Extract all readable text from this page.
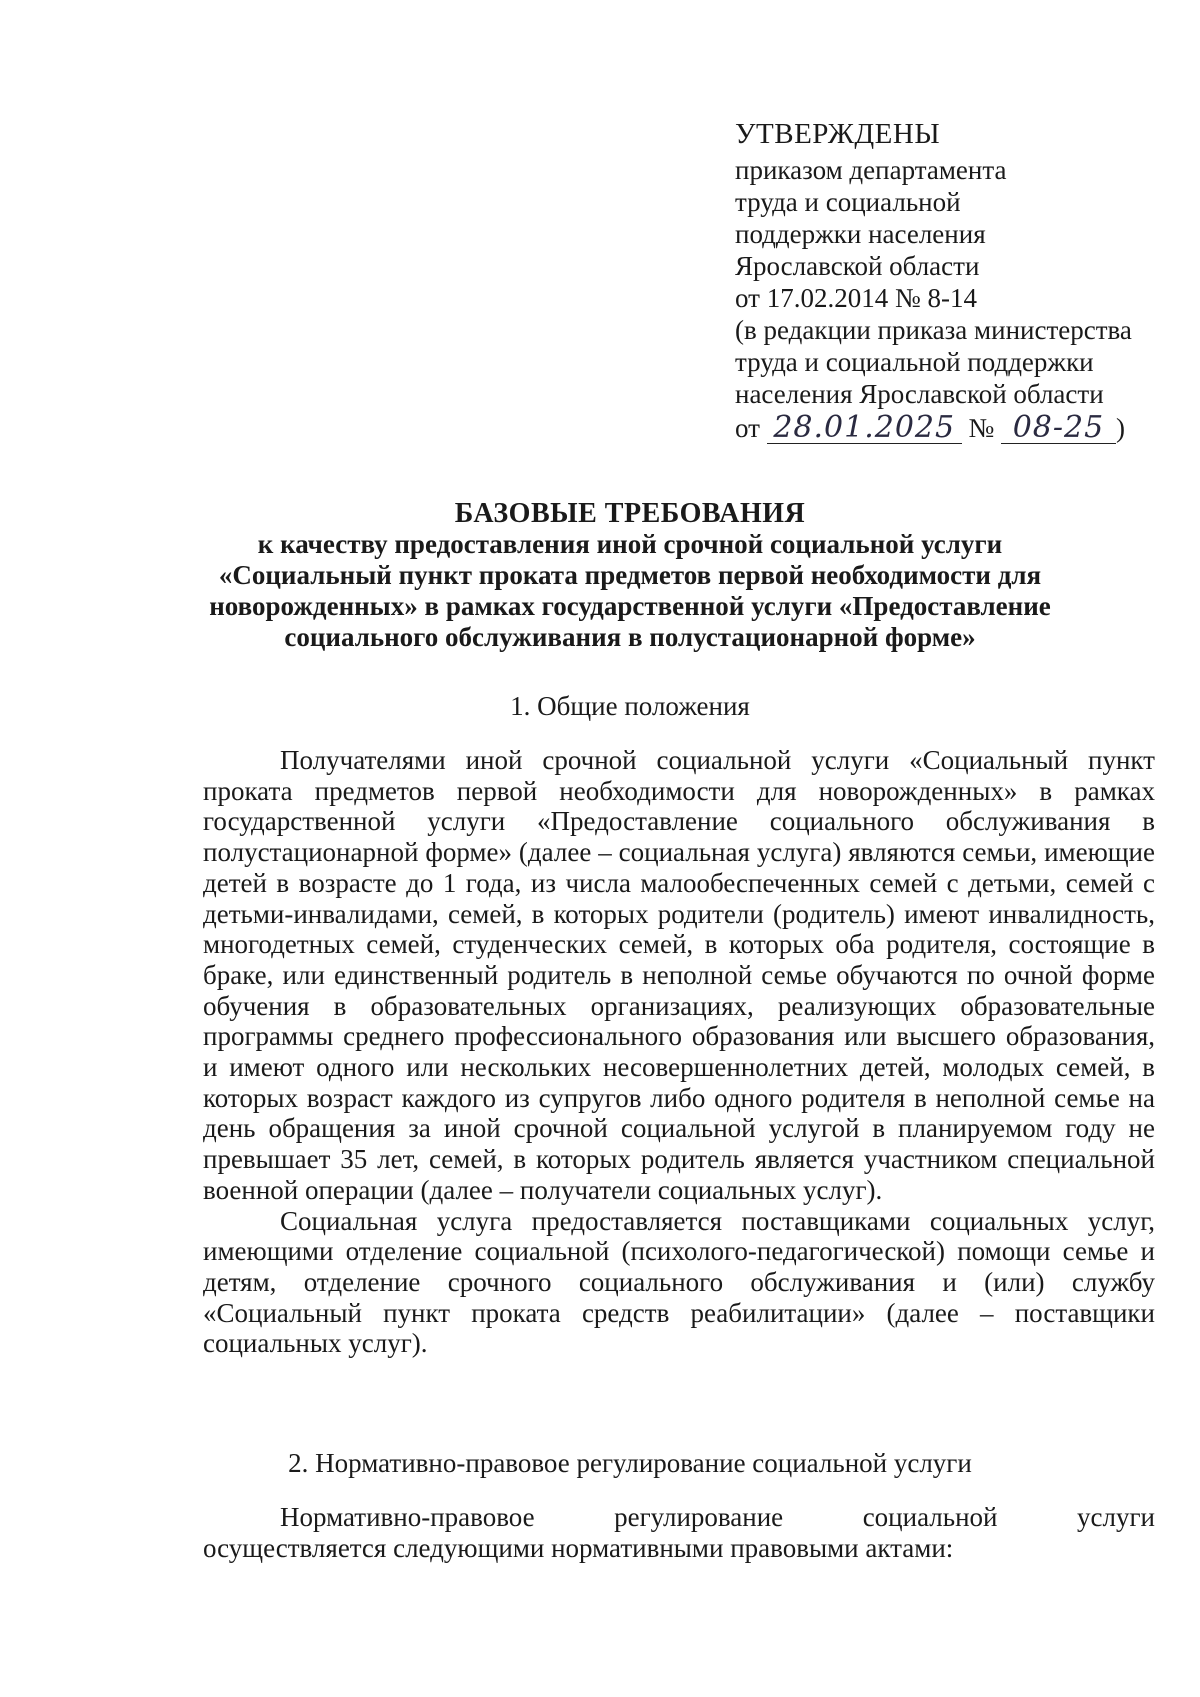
УТВЕРЖДЕНЫ
приказом департамента
труда и социальной
поддержки населения
Ярославской области
от 17.02.2014 № 8-14
(в редакции приказа министерства
труда и социальной поддержки
населения Ярославской области
от 28.01.2025 № 08-25 )
БАЗОВЫЕ ТРЕБОВАНИЯ
к качеству предоставления иной срочной социальной услуги
«Социальный пункт проката предметов первой необходимости для
новорожденных» в рамках государственной услуги «Предоставление
социального обслуживания в полустационарной форме»
1. Общие положения

Получателями иной срочной социальной услуги «Социальный пункт проката предметов первой необходимости для новорожденных» в рамках государственной услуги «Предоставление социального обслуживания в полустационарной форме» (далее – социальная услуга) являются семьи, имеющие детей в возрасте до 1 года, из числа малообеспеченных семей с детьми, семей с детьми-инвалидами, семей, в которых родители (родитель) имеют инвалидность, многодетных семей, студенческих семей, в которых оба родителя, состоящие в браке, или единственный родитель в неполной семье обучаются по очной форме обучения в образовательных организациях, реализующих образовательные программы среднего профессионального образования или высшего образования, и имеют одного или нескольких несовершеннолетних детей, молодых семей, в которых возраст каждого из супругов либо одного родителя в неполной семье на день обращения за иной срочной социальной услугой в планируемом году не превышает 35 лет, семей, в которых родитель является участником специальной военной операции (далее – получатели социальных услуг).

Социальная услуга предоставляется поставщиками социальных услуг, имеющими отделение социальной (психолого-педагогической) помощи семье и детям, отделение срочного социального обслуживания и (или) службу «Социальный пункт проката средств реабилитации» (далее – поставщики социальных услуг).

2. Нормативно-правовое регулирование социальной услуги

Нормативно-правовое регулирование социальной услуги

осуществляется следующими нормативными правовыми актами:
